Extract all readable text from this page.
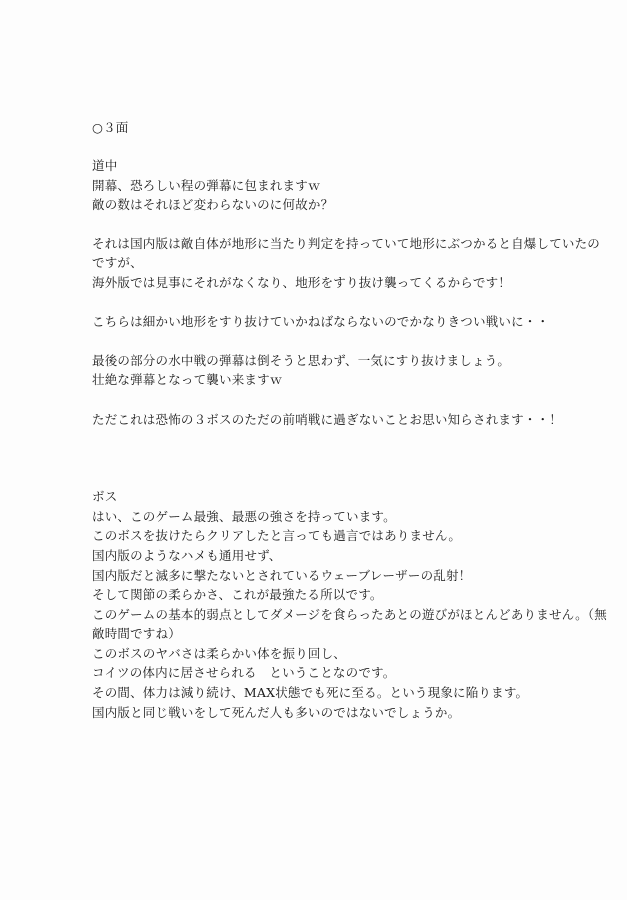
○３面
道中
開幕、恐ろしい程の弾幕に包まれますｗ
敵の数はそれほど変わらないのに何故か？
それは国内版は敵自体が地形に当たり判定を持っていて地形にぶつかると自爆していたの
ですが、
海外版では見事にそれがなくなり、地形をすり抜け襲ってくるからです！
こちらは細かい地形をすり抜けていかねばならないのでかなりきつい戦いに・・
最後の部分の水中戦の弾幕は倒そうと思わず、一気にすり抜けましょう。
壮絶な弾幕となって襲い来ますｗ
ただこれは恐怖の３ボスのただの前哨戦に過ぎないことお思い知らされます・・！
ボス
はい、このゲーム最強、最悪の強さを持っています。
このボスを抜けたらクリアしたと言っても過言ではありません。
国内版のようなハメも通用せず、
国内版だと滅多に撃たないとされているウェーブレーザーの乱射！
そして関節の柔らかさ、これが最強たる所以です。
このゲームの基本的弱点としてダメージを食らったあとの遊びがほとんどありません。（無
敵時間ですね）
このボスのヤバさは柔らかい体を振り回し、
コイツの体内に居させられる　ということなのです。
その間、体力は減り続け、MAX状態でも死に至る。という現象に陥ります。
国内版と同じ戦いをして死んだ人も多いのではないでしょうか。
